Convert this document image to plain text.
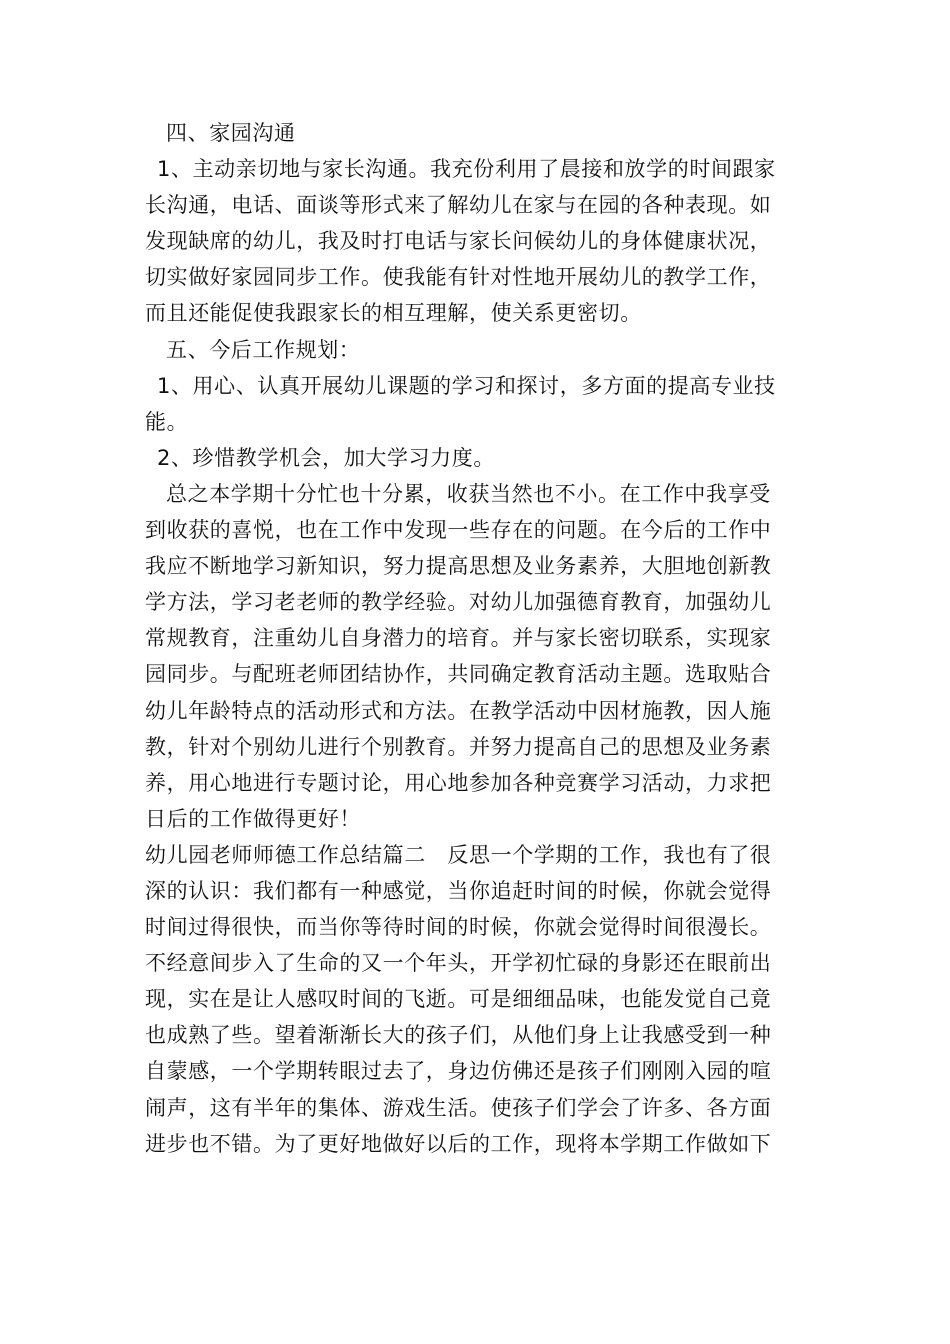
四、家园沟通
1、主动亲切地与家长沟通。我充份利用了晨接和放学的时间跟家
长沟通，电话、面谈等形式来了解幼儿在家与在园的各种表现。如
发现缺席的幼儿，我及时打电话与家长问候幼儿的身体健康状况，
切实做好家园同步工作。使我能有针对性地开展幼儿的教学工作，
而且还能促使我跟家长的相互理解，使关系更密切。
五、今后工作规划：
1、用心、认真开展幼儿课题的学习和探讨，多方面的提高专业技
能。
2、珍惜教学机会，加大学习力度。
总之本学期十分忙也十分累，收获当然也不小。在工作中我享受
到收获的喜悦，也在工作中发现一些存在的问题。在今后的工作中
我应不断地学习新知识，努力提高思想及业务素养，大胆地创新教
学方法，学习老老师的教学经验。对幼儿加强德育教育，加强幼儿
常规教育，注重幼儿自身潜力的培育。并与家长密切联系，实现家
园同步。与配班老师团结协作，共同确定教育活动主题。选取贴合
幼儿年龄特点的活动形式和方法。在教学活动中因材施教，因人施
教，针对个别幼儿进行个别教育。并努力提高自己的思想及业务素
养，用心地进行专题讨论，用心地参加各种竞赛学习活动，力求把
日后的工作做得更好！
幼儿园老师师德工作总结篇二　反思一个学期的工作，我也有了很
深的认识：我们都有一种感觉，当你追赶时间的时候，你就会觉得
时间过得很快，而当你等待时间的时候，你就会觉得时间很漫长。
不经意间步入了生命的又一个年头，开学初忙碌的身影还在眼前出
现，实在是让人感叹时间的飞逝。可是细细品味，也能发觉自己竟
也成熟了些。望着渐渐长大的孩子们，从他们身上让我感受到一种
自蒙感，一个学期转眼过去了，身边仿佛还是孩子们刚刚入园的喧
闹声，这有半年的集体、游戏生活。使孩子们学会了许多、各方面
进步也不错。为了更好地做好以后的工作，现将本学期工作做如下
